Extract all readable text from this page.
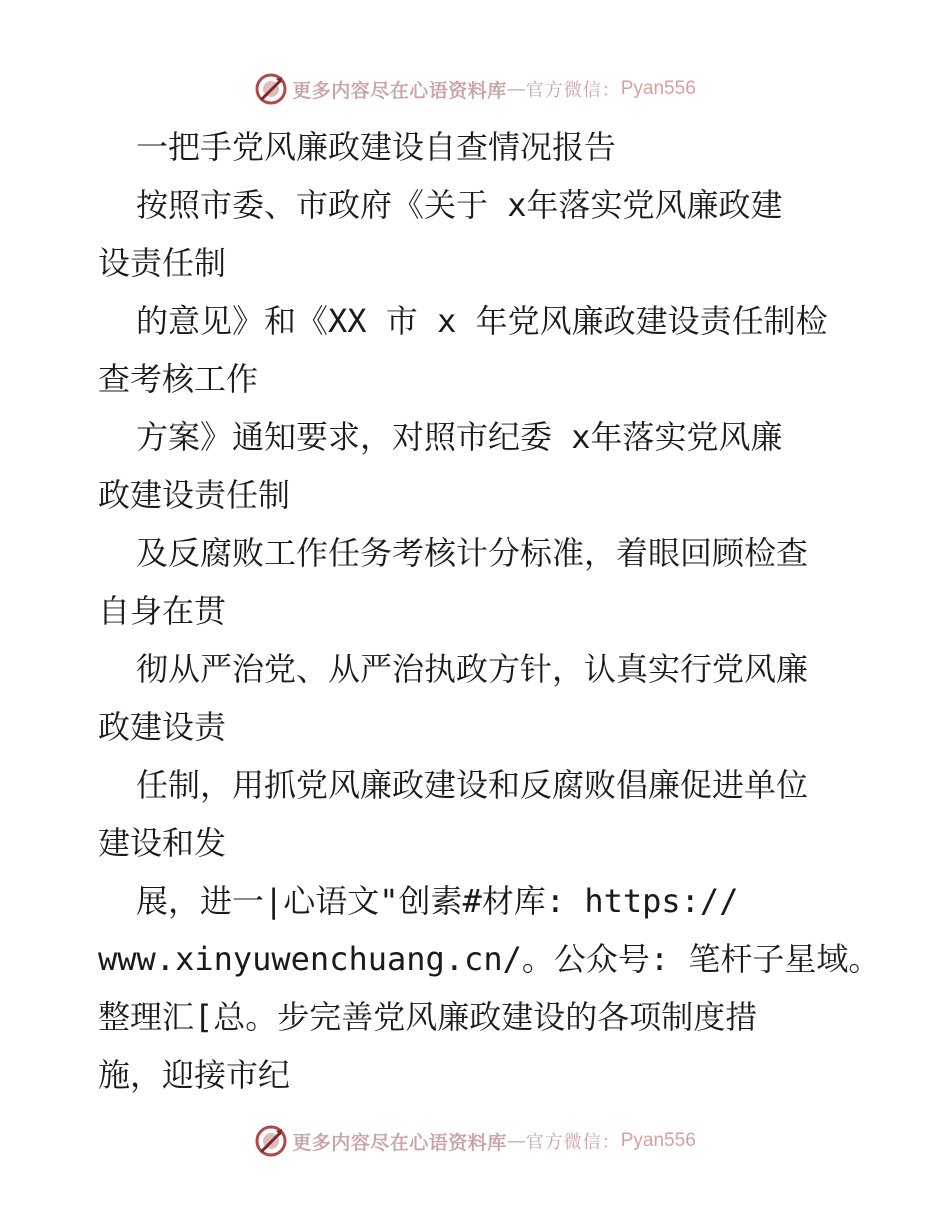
更多内容尽在心语资料库 — 官方微信： Pyan556
一把手党风廉政建设自查情况报告
按照市委、市政府《关于 x年落实党风廉政建
设责任制
的意见》和《XX 市 x 年党风廉政建设责任制检
查考核工作
方案》通知要求，对照市纪委 x年落实党风廉
政建设责任制
及反腐败工作任务考核计分标准，着眼回顾检查
自身在贯
彻从严治党、从严治执政方针，认真实行党风廉
政建设责
任制，用抓党风廉政建设和反腐败倡廉促进单位
建设和发
展，进一|心语文"创素#材库: https://
www.xinyuwenchuang.cn/。公众号: 笔杆子星域。
整理汇[总。步完善党风廉政建设的各项制度措
施，迎接市纪
更多内容尽在心语资料库 — 官方微信： Pyan556
